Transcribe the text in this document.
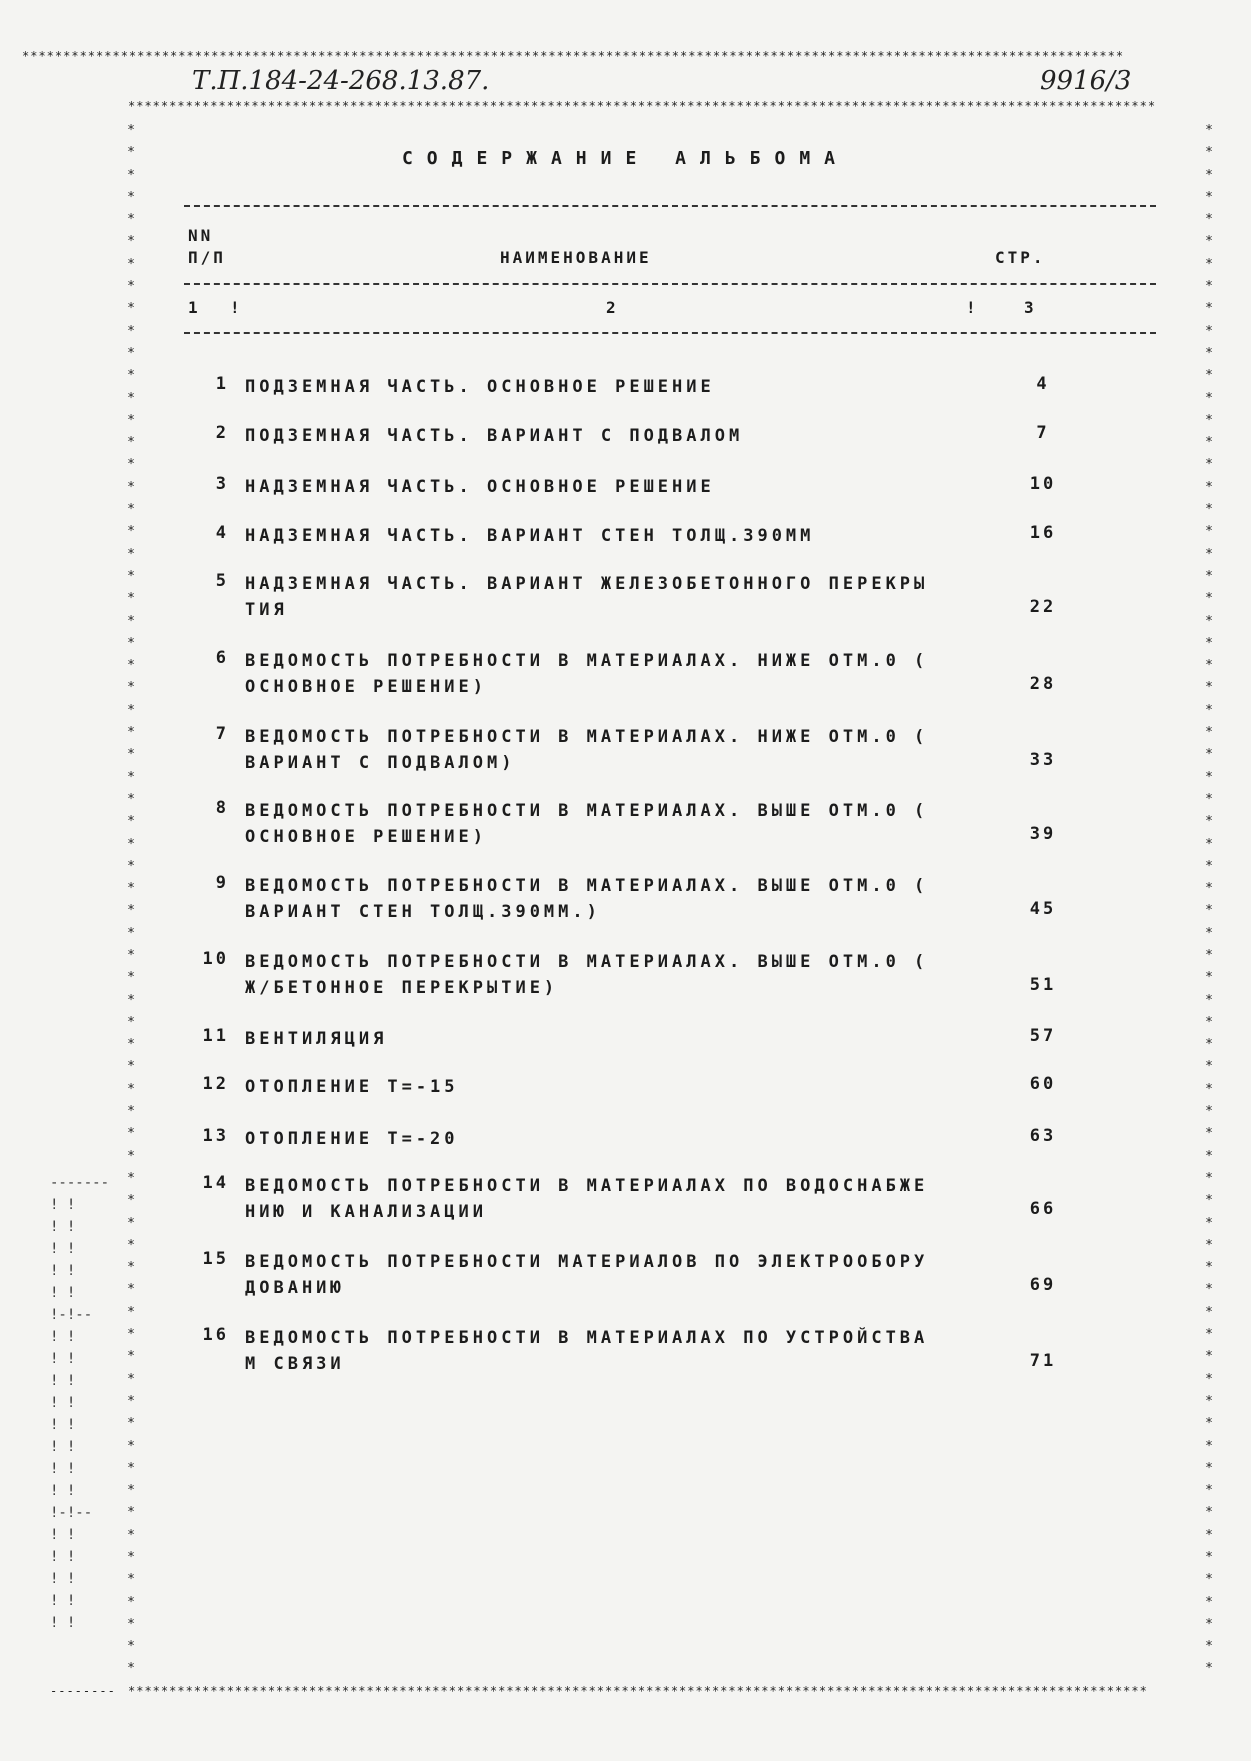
**************************************************************************************************************************************
*****************************************************************************************************************************
****************************************************************************************************************************
--------
*
*
*
*
*
*
*
*
*
*
*
*
*
*
*
*
*
*
*
*
*
*
*
*
*
*
*
*
*
*
*
*
*
*
*
*
*
*
*
*
*
*
*
*
*
*
*
*
*
*
*
*
*
*
*
*
*
*
*
*
*
*
*
*
*
*
*
*
*
*
*
*
*
*
*
*
*
*
*
*
*
*
*
*
*
*
*
*
*
*
*
*
*
*
*
*
*
*
*
*
*
*
*
*
*
*
*
*
*
*
*
*
*
*
*
*
*
*
*
*
*
*
*
*
*
*
*
*
*
*
*
*
*
*
*
*
*
*
*
*
-------
! !
! !
! !
! !
! !
!-!--
! !
! !
! !
! !
! !
! !
! !
! !
!-!--
! !
! !
! !
! !
! !
Т.П.184-24-268.13.87.	9916/3
СОДЕРЖАНИЕ АЛЬБОМА
NN
П/П	НАИМЕНОВАНИЕ	СТР.
1 !	2	!	3
1 ПОДЗЕМНАЯ ЧАСТЬ. ОСНОВНОЕ РЕШЕНИЕ	4
2 ПОДЗЕМНАЯ ЧАСТЬ. ВАРИАНТ С ПОДВАЛОМ	7
3 НАДЗЕМНАЯ ЧАСТЬ. ОСНОВНОЕ РЕШЕНИЕ	10
4 НАДЗЕМНАЯ ЧАСТЬ. ВАРИАНТ СТЕН ТОЛЩ.390ММ	16
5 НАДЗЕМНАЯ ЧАСТЬ. ВАРИАНТ ЖЕЛЕЗОБЕТОННОГО ПЕРЕКРЫ
ТИЯ	22
6 ВЕДОМОСТЬ ПОТРЕБНОСТИ В МАТЕРИАЛАХ. НИЖЕ ОТМ.0 (
ОСНОВНОЕ РЕШЕНИЕ)	28
7 ВЕДОМОСТЬ ПОТРЕБНОСТИ В МАТЕРИАЛАХ. НИЖЕ ОТМ.0 (
ВАРИАНТ С ПОДВАЛОМ)	33
8 ВЕДОМОСТЬ ПОТРЕБНОСТИ В МАТЕРИАЛАХ. ВЫШЕ ОТМ.0 (
ОСНОВНОЕ РЕШЕНИЕ)	39
9 ВЕДОМОСТЬ ПОТРЕБНОСТИ В МАТЕРИАЛАХ. ВЫШЕ ОТМ.0 (
ВАРИАНТ СТЕН ТОЛЩ.390ММ.)	45
10 ВЕДОМОСТЬ ПОТРЕБНОСТИ В МАТЕРИАЛАХ. ВЫШЕ ОТМ.0 (
Ж/БЕТОННОЕ ПЕРЕКРЫТИЕ)	51
11 ВЕНТИЛЯЦИЯ	57
12 ОТОПЛЕНИЕ Т=-15	60
13 ОТОПЛЕНИЕ Т=-20	63
14 ВЕДОМОСТЬ ПОТРЕБНОСТИ В МАТЕРИАЛАХ ПО ВОДОСНАБЖЕ
НИЮ И КАНАЛИЗАЦИИ	66
15 ВЕДОМОСТЬ ПОТРЕБНОСТИ МАТЕРИАЛОВ ПО ЭЛЕКТРООБОРУ
ДОВАНИЮ	69
16 ВЕДОМОСТЬ ПОТРЕБНОСТИ В МАТЕРИАЛАХ ПО УСТРОЙСТВА
М СВЯЗИ	71
